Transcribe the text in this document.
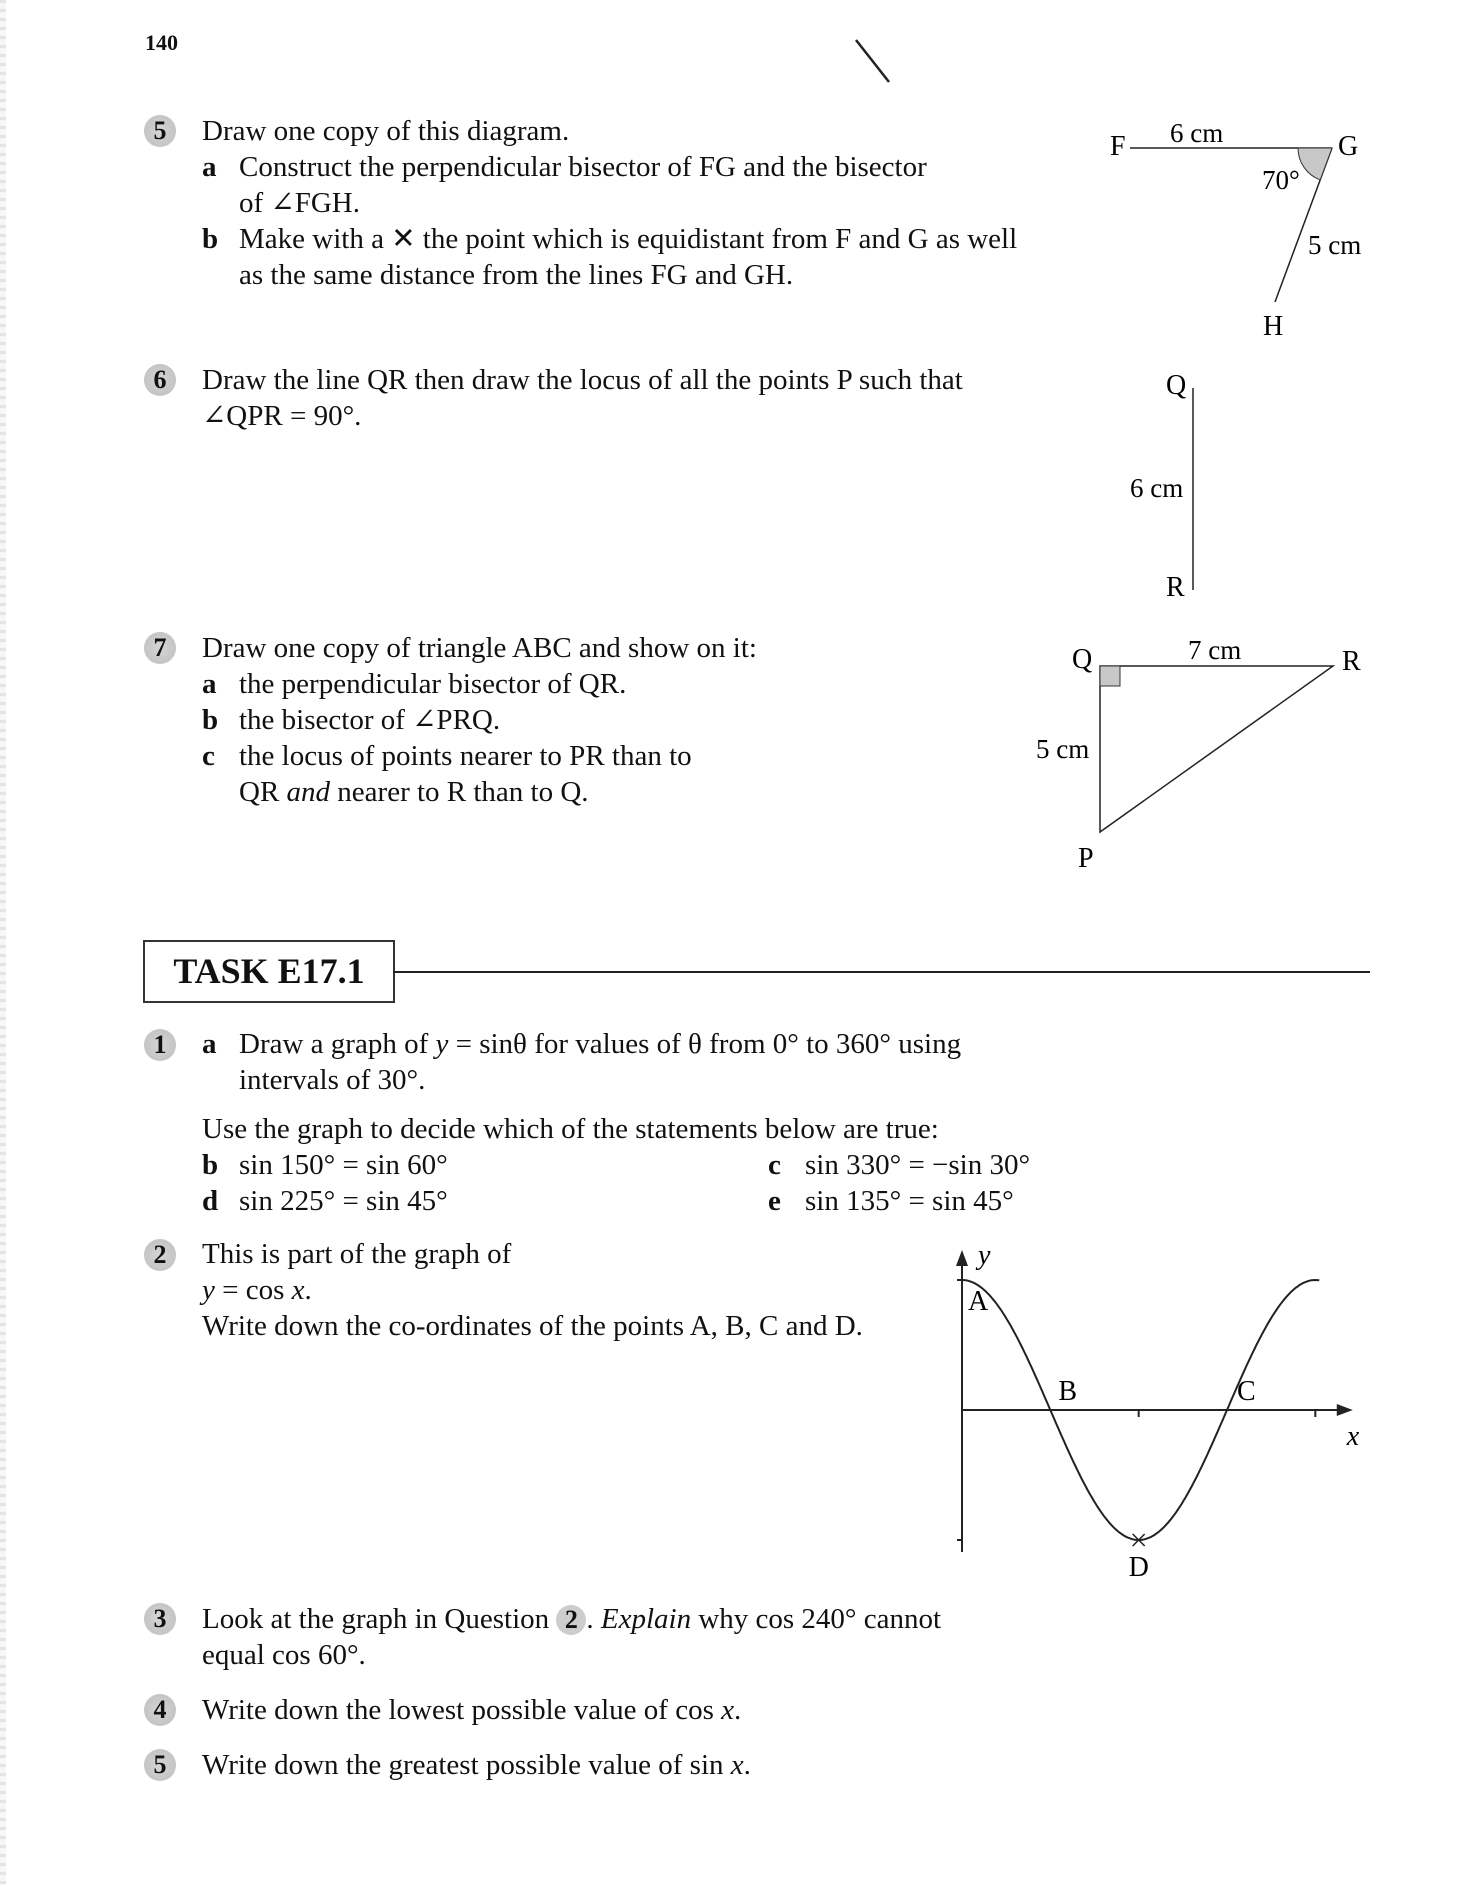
140
5	Draw one copy of this diagram.
a Construct the perpendicular bisector of FG and the bisector
of ∠FGH.
b Make with a ✕ the point which is equidistant from F and G as well
as the same distance from the lines FG and GH.
F	G
H
6 cm
5 cm
70°
6	Draw the line QR then draw the locus of all the points P such that
∠QPR = 90°.
Q
R
6 cm
7	Draw one copy of triangle ABC and show on it:
a the perpendicular bisector of QR.
b the bisector of ∠PRQ.
c the locus of points nearer to PR than to
QR and nearer to R than to Q.
Q	R
P
7 cm
5 cm
TASK E17.1
1	a Draw a graph of y = sinθ for values of θ from 0° to 360° using
intervals of 30°.
Use the graph to decide which of the statements below are true:
b sin 150° = sin 60°	c sin 330° = −sin 30°
d sin 225° = sin 45°	e sin 135° = sin 45°
2	This is part of the graph of
y = cos x.
Write down the co-ordinates of the points A, B, C and D.
y
x
A
B	C
D
3	Look at the graph in Question 2 . Explain why cos 240° cannot
equal cos 60°.
4	Write down the lowest possible value of cos x.
5	Write down the greatest possible value of sin x.
